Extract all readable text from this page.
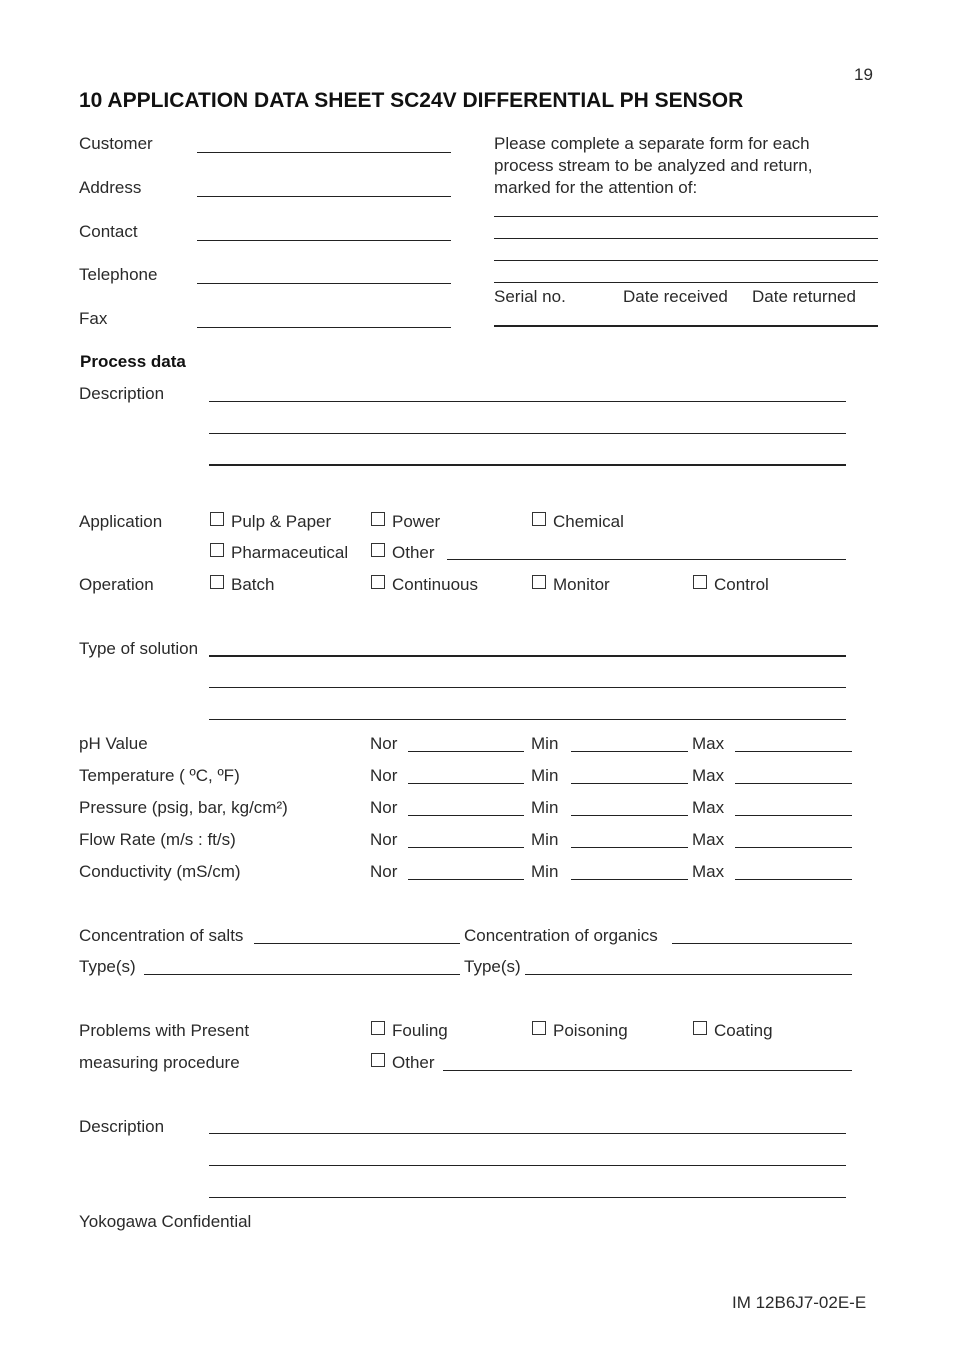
19
10 APPLICATION DATA SHEET SC24V DIFFERENTIAL PH SENSOR
Customer
Address
Contact
Telephone
Fax
Please complete a separate form for each
process stream to be analyzed and return,
marked for the attention of:
Serial no.	Date received Date returned
Process data
Description
Application	Pulp & Paper	Power	Chemical
Pharmaceutical	Other
Operation	Batch	Continuous	Monitor	Control
Type of solution
pH Value	Nor	Min	Max
Temperature ( ºC, ºF)	Nor	Min	Max
Pressure (psig, bar, kg/cm²)	Nor	Min	Max
Flow Rate (m/s : ft/s)	Nor	Min	Max
Conductivity (mS/cm)	Nor	Min	Max
Concentration of salts	Concentration of organics
Type(s)	Type(s)
Problems with Present
measuring procedure
Fouling	Poisoning	Coating
Other
Description
Yokogawa Confidential
IM 12B6J7-02E-E
